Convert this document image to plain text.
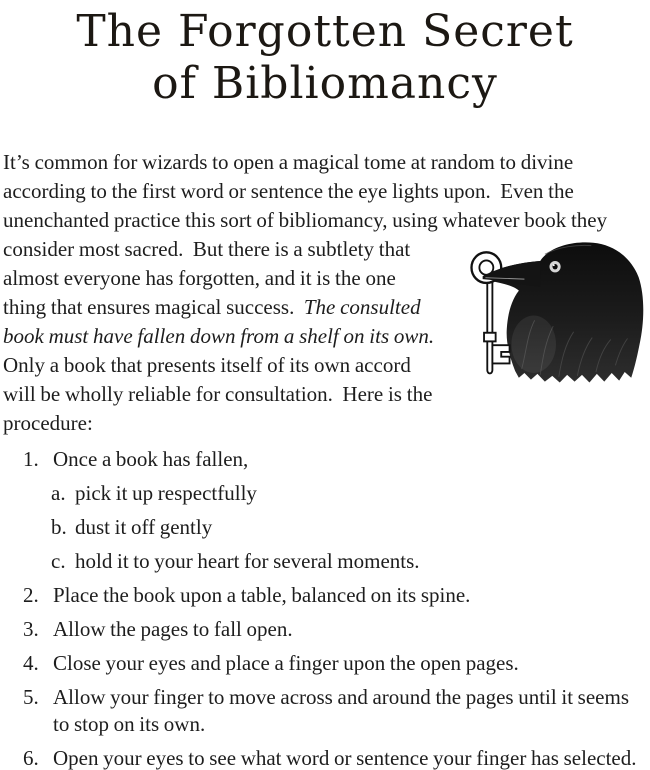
The Forgotten Secret
of Bibliomancy

It’s common for wizards to open a magical tome at random to divine according to the first word or sentence the eye lights upon.  Even the unenchanted practice this sort of bibliomancy, using whatever book they
consider most sacred.  But there is a subtlety that almost everyone has forgotten, and it is the one thing that ensures magical success.  The consulted book must have fallen down from a shelf on its own.  Only a book that presents itself of its own accord will be wholly reliable for consultation.  Here is the procedure:

1. Once a book has fallen,
a. pick it up respectfully
b. dust it off gently
c. hold it to your heart for several moments.
2. Place the book upon a table, balanced on its spine.
3. Allow the pages to fall open.
4. Close your eyes and place a finger upon the open pages.
5. Allow your finger to move across and around the pages until it seems to stop on its own.
6. Open your eyes to see what word or sentence your finger has selected.
